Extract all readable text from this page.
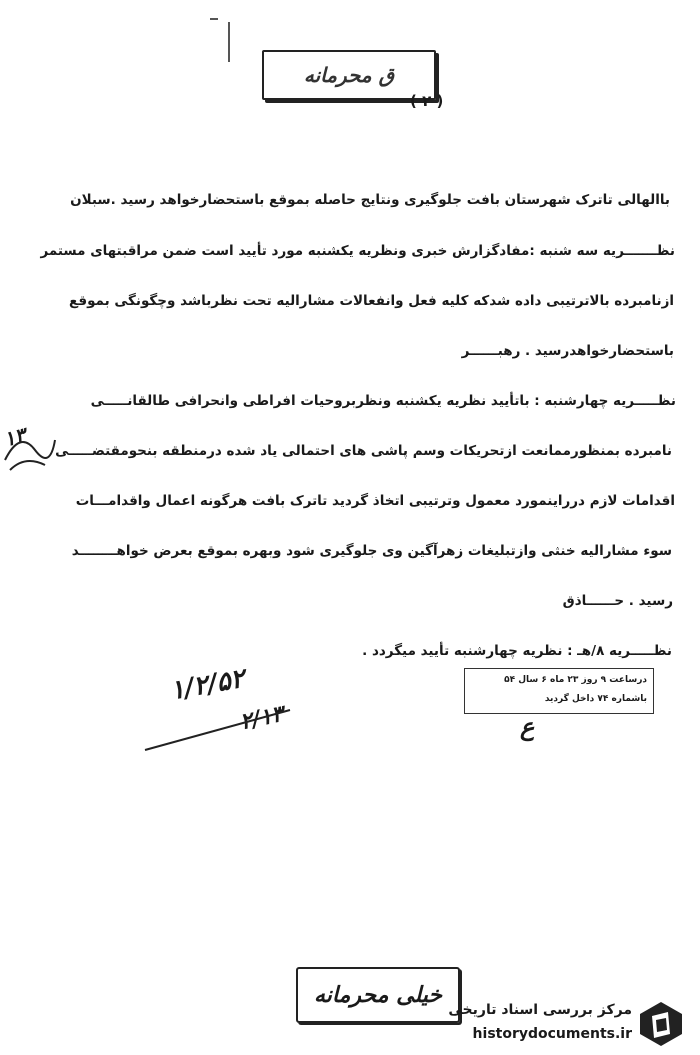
ق محرمانه
( ۲ )
باالهالی تاترک شهرستان بافت جلوگیری ونتایج حاصله بموقع باستحضارخواهد رسید .سبلان
نظـــــــریه سه شنبه :مفادگزارش خبری ونظریه یکشنبه مورد تأیید است ضمن مراقبتهای مستمر
ازنامبرده بالاترتیبی داده شدکه کلیه فعل وانفعالات مشارالیه تحت نظرباشد وچگونگی بموقع
باستحضارخواهدرسید . رهبــــــر
نظـــــریه چهارشنبه : باتأیید نظریه یکشنبه ونظربروحیات افراطی وانحرافی طالقانـــــی
نامبرده بمنظورممانعت ازتحریکات وسم پاشی های احتمالی یاد شده درمنطقه بنحومقتضـــــی
اقدامات لازم درراینمورد معمول وترتیبی اتخاذ گردید تاترک بافت هرگونه اعمال واقدامـــات
سوء مشارالیه خنثی وازتبلیغات زهرآگین وی جلوگیری شود وبهره بموقع بعرض خواهــــــــد
رسید . حــــــاذق
نظـــــریه ۸/هـ : نظریه چهارشنبه تأیید میگردد .
۱۳
درساعت ۹ روز ۲۳ ماه ۶ سال ۵۴
باشماره ۷۴ داخل گردید
۱/۲/۵۲
۲/۱۳	ع
خیلی محرمانه
مرکز بررسی اسناد تاریخی
historydocuments.ir
